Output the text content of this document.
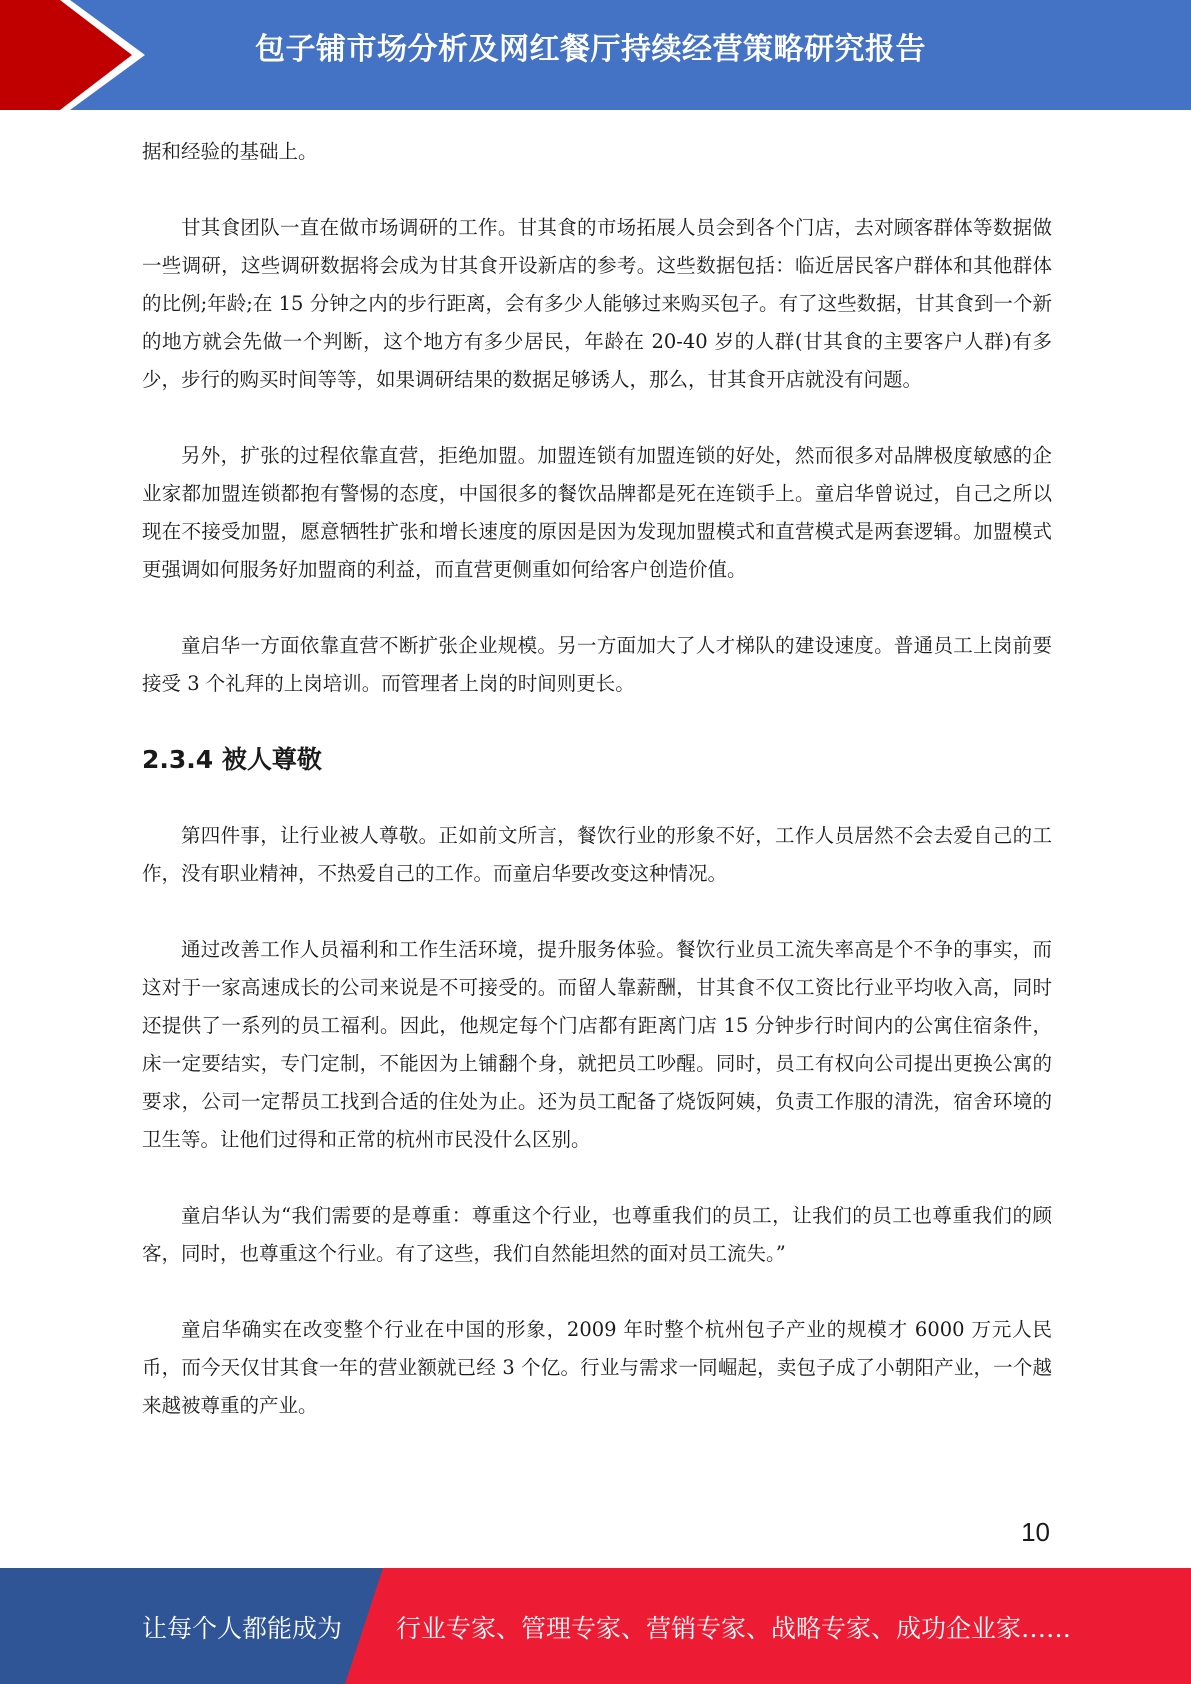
包子铺市场分析及网红餐厅持续经营策略研究报告

据和经验的基础上。

甘其食团队一直在做市场调研的工作。甘其食的市场拓展人员会到各个门店，去对顾客群体等数据做一些调研，这些调研数据将会成为甘其食开设新店的参考。这些数据包括：临近居民客户群体和其他群体的比例;年龄;在 15 分钟之内的步行距离，会有多少人能够过来购买包子。有了这些数据，甘其食到一个新的地方就会先做一个判断，这个地方有多少居民，年龄在 20-40 岁的人群(甘其食的主要客户人群)有多少，步行的购买时间等等，如果调研结果的数据足够诱人，那么，甘其食开店就没有问题。

另外，扩张的过程依靠直营，拒绝加盟。加盟连锁有加盟连锁的好处，然而很多对品牌极度敏感的企业家都加盟连锁都抱有警惕的态度，中国很多的餐饮品牌都是死在连锁手上。童启华曾说过，自己之所以现在不接受加盟，愿意牺牲扩张和增长速度的原因是因为发现加盟模式和直营模式是两套逻辑。加盟模式更强调如何服务好加盟商的利益，而直营更侧重如何给客户创造价值。

童启华一方面依靠直营不断扩张企业规模。另一方面加大了人才梯队的建设速度。普通员工上岗前要接受 3 个礼拜的上岗培训。而管理者上岗的时间则更长。

2.3.4 被人尊敬

第四件事，让行业被人尊敬。正如前文所言，餐饮行业的形象不好，工作人员居然不会去爱自己的工作，没有职业精神，不热爱自己的工作。而童启华要改变这种情况。

通过改善工作人员福利和工作生活环境，提升服务体验。餐饮行业员工流失率高是个不争的事实，而这对于一家高速成长的公司来说是不可接受的。而留人靠薪酬，甘其食不仅工资比行业平均收入高，同时还提供了一系列的员工福利。因此，他规定每个门店都有距离门店 15 分钟步行时间内的公寓住宿条件，床一定要结实，专门定制，不能因为上铺翻个身，就把员工吵醒。同时，员工有权向公司提出更换公寓的要求，公司一定帮员工找到合适的住处为止。还为员工配备了烧饭阿姨，负责工作服的清洗，宿舍环境的卫生等。让他们过得和正常的杭州市民没什么区别。

童启华认为“我们需要的是尊重：尊重这个行业，也尊重我们的员工，让我们的员工也尊重我们的顾客，同时，也尊重这个行业。有了这些，我们自然能坦然的面对员工流失。”

童启华确实在改变整个行业在中国的形象，2009 年时整个杭州包子产业的规模才 6000 万元人民币，而今天仅甘其食一年的营业额就已经 3 个亿。行业与需求一同崛起，卖包子成了小朝阳产业，一个越来越被尊重的产业。

10
让每个人都能成为 行业专家、管理专家、营销专家、战略专家、成功企业家……
